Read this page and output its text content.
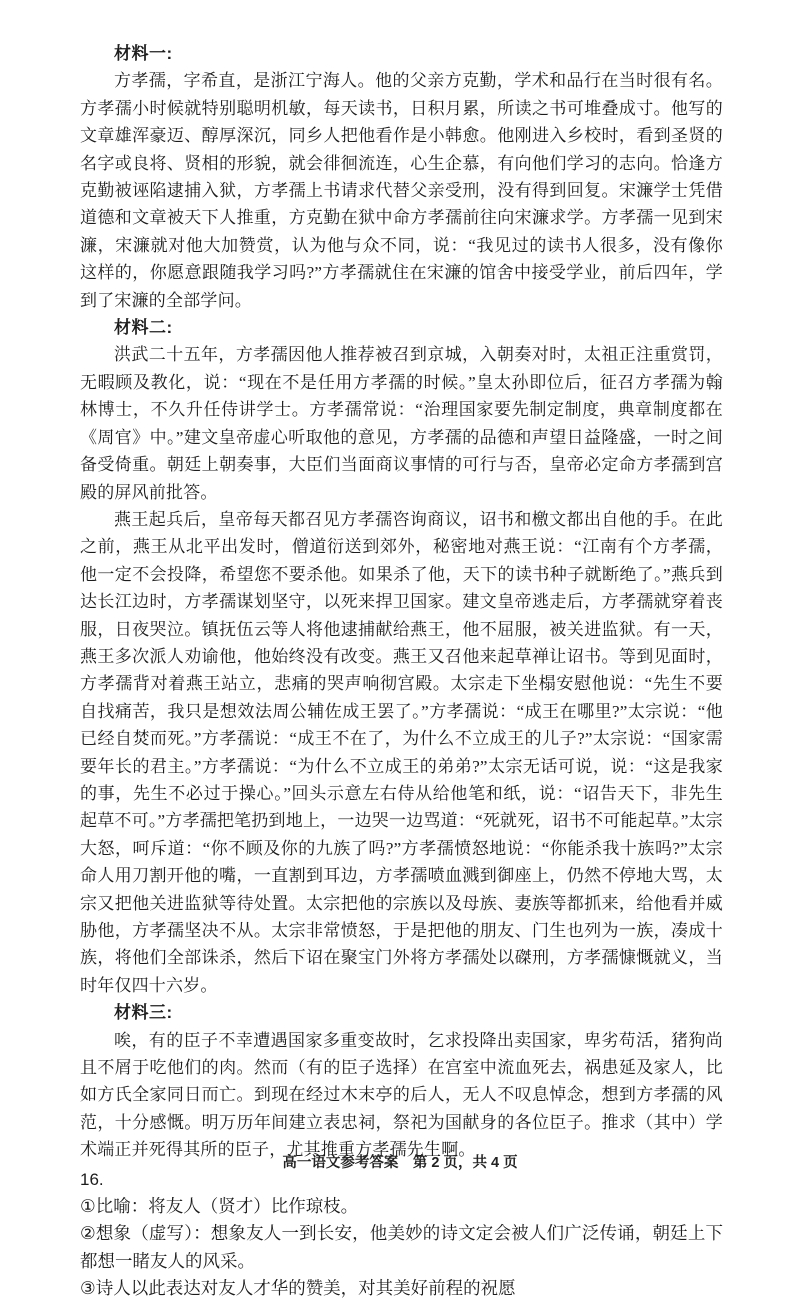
材料一:

方孝孺，字希直，是浙江宁海人。他的父亲方克勤，学术和品行在当时很有名。方孝孺小时候就特别聪明机敏，每天读书，日积月累，所读之书可堆叠成寸。他写的文章雄浑豪迈、醇厚深沉，同乡人把他看作是小韩愈。他刚进入乡校时，看到圣贤的名字或良将、贤相的形貌，就会徘徊流连，心生企慕，有向他们学习的志向。恰逢方克勤被诬陷逮捕入狱，方孝孺上书请求代替父亲受刑，没有得到回复。宋濂学士凭借道德和文章被天下人推重，方克勤在狱中命方孝孺前往向宋濂求学。方孝孺一见到宋濂，宋濂就对他大加赞赏，认为他与众不同，说：“我见过的读书人很多，没有像你这样的，你愿意跟随我学习吗?”方孝孺就住在宋濂的馆舍中接受学业，前后四年，学到了宋濂的全部学问。

材料二:

洪武二十五年，方孝孺因他人推荐被召到京城，入朝奏对时，太祖正注重赏罚，无暇顾及教化，说：“现在不是任用方孝孺的时候。”皇太孙即位后，征召方孝孺为翰林博士，不久升任侍讲学士。方孝孺常说：“治理国家要先制定制度，典章制度都在《周官》中。”建文皇帝虚心听取他的意见，方孝孺的品德和声望日益隆盛，一时之间备受倚重。朝廷上朝奏事，大臣们当面商议事情的可行与否，皇帝必定命方孝孺到宫殿的屏风前批答。

燕王起兵后，皇帝每天都召见方孝孺咨询商议，诏书和檄文都出自他的手。在此之前，燕王从北平出发时，僧道衍送到郊外，秘密地对燕王说：“江南有个方孝孺，他一定不会投降，希望您不要杀他。如果杀了他，天下的读书种子就断绝了。”燕兵到达长江边时，方孝孺谋划坚守，以死来捍卫国家。建文皇帝逃走后，方孝孺就穿着丧服，日夜哭泣。镇抚伍云等人将他逮捕献给燕王，他不屈服，被关进监狱。有一天，燕王多次派人劝谕他，他始终没有改变。燕王又召他来起草禅让诏书。等到见面时，方孝孺背对着燕王站立，悲痛的哭声响彻宫殿。太宗走下坐榻安慰他说：“先生不要自找痛苦，我只是想效法周公辅佐成王罢了。”方孝孺说：“成王在哪里?”太宗说：“他已经自焚而死。”方孝孺说：“成王不在了，为什么不立成王的儿子?”太宗说：“国家需要年长的君主。”方孝孺说：“为什么不立成王的弟弟?”太宗无话可说，说：“这是我家的事，先生不必过于操心。”回头示意左右侍从给他笔和纸，说：“诏告天下，非先生起草不可。”方孝孺把笔扔到地上，一边哭一边骂道：“死就死，诏书不可能起草。”太宗大怒，呵斥道：“你不顾及你的九族了吗?”方孝孺愤怒地说：“你能杀我十族吗?”太宗命人用刀割开他的嘴，一直割到耳边，方孝孺喷血溅到御座上，仍然不停地大骂，太宗又把他关进监狱等待处置。太宗把他的宗族以及母族、妻族等都抓来，给他看并威胁他，方孝孺坚决不从。太宗非常愤怒，于是把他的朋友、门生也列为一族，凑成十族，将他们全部诛杀，然后下诏在聚宝门外将方孝孺处以磔刑，方孝孺慷慨就义，当时年仅四十六岁。

材料三:

唉，有的臣子不幸遭遇国家多重变故时，乞求投降出卖国家，卑劣苟活，猪狗尚且不屑于吃他们的肉。然而（有的臣子选择）在宫室中流血死去，祸患延及家人，比如方氏全家同日而亡。到现在经过木末亭的后人，无人不叹息悼念，想到方孝孺的风范，十分感慨。明万历年间建立表忠祠，祭祀为国献身的各位臣子。推求（其中）学术端正并死得其所的臣子，尤其推重方孝孺先生啊。

16.

①比喻：将友人（贤才）比作琼枝。

②想象（虚写）：想象友人一到长安，他美妙的诗文定会被人们广泛传诵，朝廷上下都想一睹友人的风采。

③诗人以此表达对友人才华的赞美，对其美好前程的祝愿

高一语文参考答案　第 2 页，共 4 页
